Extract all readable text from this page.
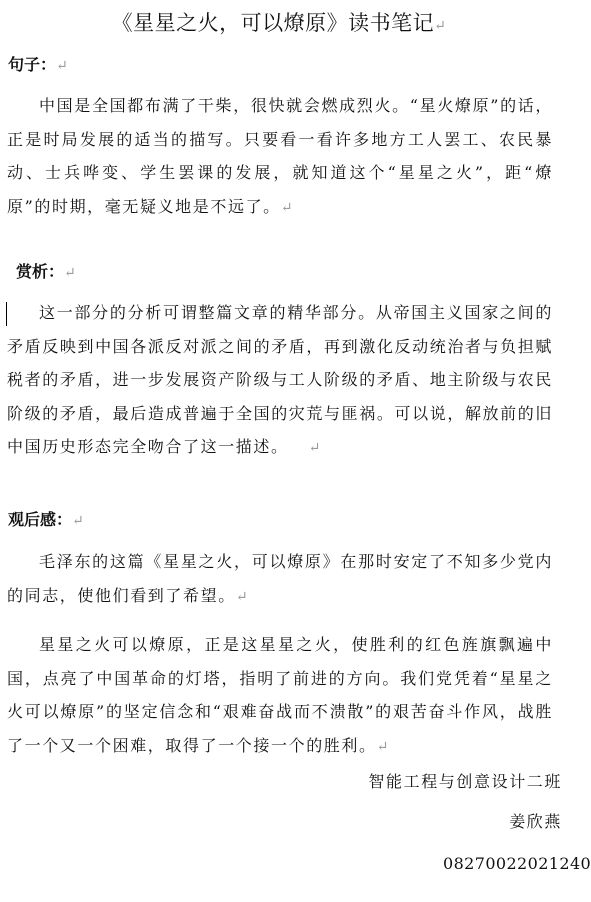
《星星之火，可以燎原》读书笔记↵
句子：↵
中国是全国都布满了干柴，很快就会燃成烈火。“星火燎原”的话，正是时局发展的适当的描写。只要看一看许多地方工人罢工、农民暴动、士兵哗变、学生罢课的发展，就知道这个“星星之火”，距“燎原”的时期，毫无疑义地是不远了。↵
赏析：↵
这一部分的分析可谓整篇文章的精华部分。从帝国主义国家之间的矛盾反映到中国各派反对派之间的矛盾，再到激化反动统治者与负担赋税者的矛盾，进一步发展资产阶级与工人阶级的矛盾、地主阶级与农民阶级的矛盾，最后造成普遍于全国的灾荒与匪祸。可以说，解放前的旧中国历史形态完全吻合了这一描述。 ↵
观后感：↵
毛泽东的这篇《星星之火，可以燎原》在那时安定了不知多少党内的同志，使他们看到了希望。↵
星星之火可以燎原，正是这星星之火，使胜利的红色旌旗飘遍中国，点亮了中国革命的灯塔，指明了前进的方向。我们党凭着“星星之火可以燎原”的坚定信念和“艰难奋战而不溃散”的艰苦奋斗作风，战胜了一个又一个困难，取得了一个接一个的胜利。↵
智能工程与创意设计二班
姜欣燕
08270022021240
